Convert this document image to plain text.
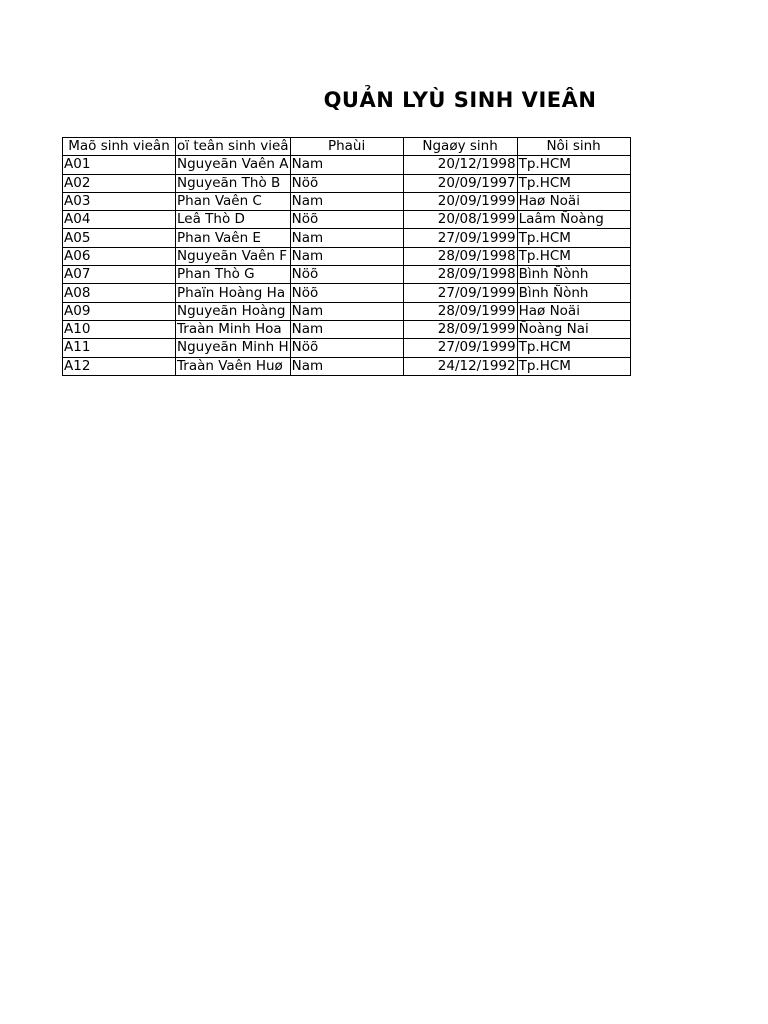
QUẢN LYÙ SINH VIEÂN
Maõ sinh vieân	oï teân sinh vieâ	Phaùi	Ngaøy sinh	Nôi sinh
A01	Nguyeãn Vaên A	Nam	20/12/1998	Tp.HCM
A02	Nguyeãn Thò B	Nöõ	20/09/1997	Tp.HCM
A03	Phan Vaên C	Nam	20/09/1999	Haø Noäi
A04	Leâ Thò D	Nöõ	20/08/1999	Laâm Ñoàng
A05	Phan Vaên E	Nam	27/09/1999	Tp.HCM
A06	Nguyeãn Vaên F	Nam	28/09/1998	Tp.HCM
A07	Phan Thò G	Nöõ	28/09/1998	Bình Ñònh
A08	Phaïn Hoàng Ha	Nöõ	27/09/1999	Bình Ñònh
A09	Nguyeãn Hoàng	Nam	28/09/1999	Haø Noäi
A10	Traàn Minh Hoa	Nam	28/09/1999	Ñoàng Nai
A11	Nguyeãn Minh H	Nöõ	27/09/1999	Tp.HCM
A12	Traàn Vaên Huø	Nam	24/12/1992	Tp.HCM
